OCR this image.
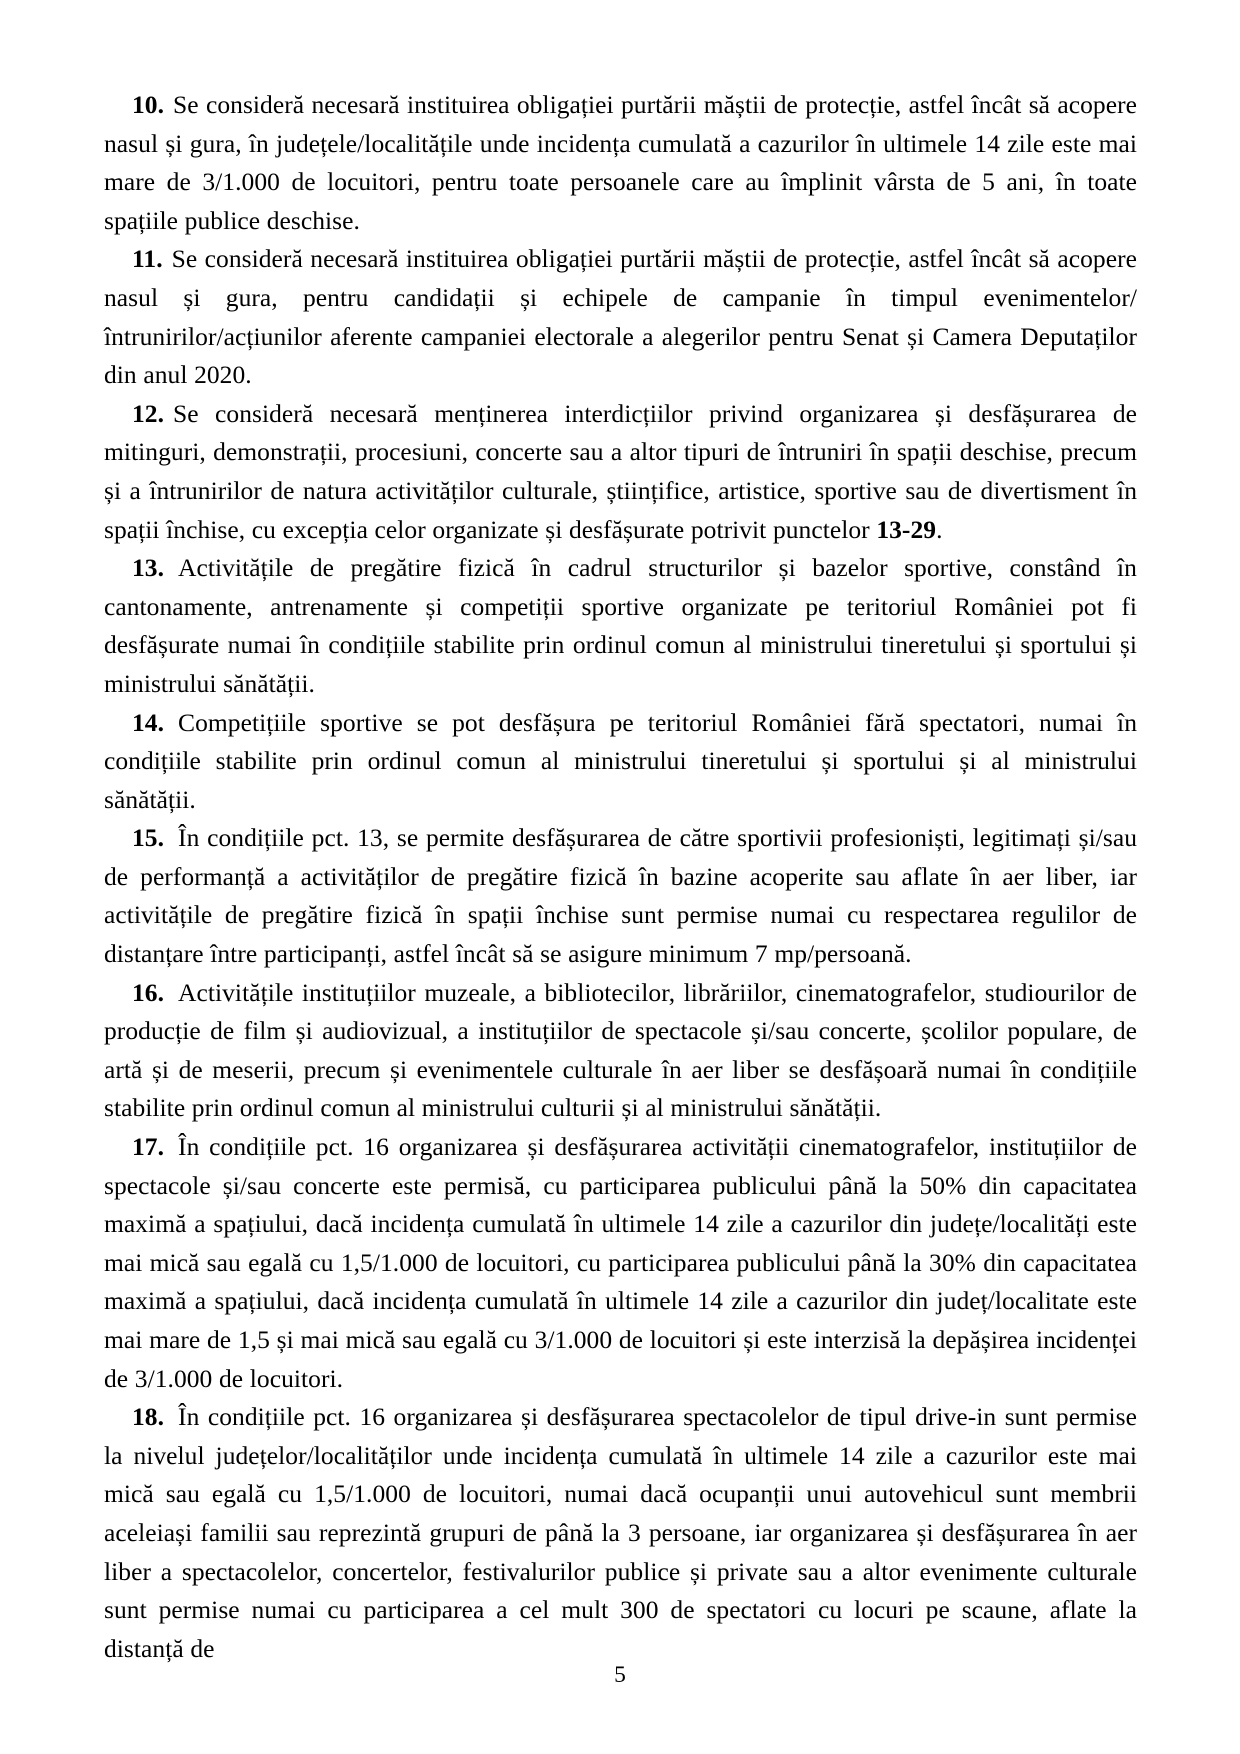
10. Se consideră necesară instituirea obligației purtării măștii de protecție, astfel încât să acopere nasul și gura, în județele/localitățile unde incidența cumulată a cazurilor în ultimele 14 zile este mai mare de 3/1.000 de locuitori, pentru toate persoanele care au împlinit vârsta de 5 ani, în toate spațiile publice deschise.

11. Se consideră necesară instituirea obligației purtării măștii de protecție, astfel încât să acopere nasul și gura, pentru candidații și echipele de campanie în timpul evenimentelor/întrunirilor/acțiunilor aferente campaniei electorale a alegerilor pentru Senat și Camera Deputaților din anul 2020.

12. Se consideră necesară menținerea interdicțiilor privind organizarea și desfășurarea de mitinguri, demonstrații, procesiuni, concerte sau a altor tipuri de întruniri în spații deschise, precum și a întrunirilor de natura activităților culturale, științifice, artistice, sportive sau de divertisment în spații închise, cu excepția celor organizate și desfășurate potrivit punctelor 13-29.

13. Activitățile de pregătire fizică în cadrul structurilor și bazelor sportive, constând în cantonamente, antrenamente și competiții sportive organizate pe teritoriul României pot fi desfășurate numai în condițiile stabilite prin ordinul comun al ministrului tineretului și sportului și ministrului sănătății.

14. Competițiile sportive se pot desfășura pe teritoriul României fără spectatori, numai în condițiile stabilite prin ordinul comun al ministrului tineretului și sportului și al ministrului sănătății.

15. În condițiile pct. 13, se permite desfășurarea de către sportivii profesioniști, legitimați și/sau de performanță a activităților de pregătire fizică în bazine acoperite sau aflate în aer liber, iar activitățile de pregătire fizică în spații închise sunt permise numai cu respectarea regulilor de distanțare între participanți, astfel încât să se asigure minimum 7 mp/persoană.

16. Activitățile instituțiilor muzeale, a bibliotecilor, librăriilor, cinematografelor, studiourilor de producție de film și audiovizual, a instituțiilor de spectacole și/sau concerte, școlilor populare, de artă și de meserii, precum și evenimentele culturale în aer liber se desfășoară numai în condițiile stabilite prin ordinul comun al ministrului culturii și al ministrului sănătății.

17. În condițiile pct. 16 organizarea și desfășurarea activității cinematografelor, instituțiilor de spectacole și/sau concerte este permisă, cu participarea publicului până la 50% din capacitatea maximă a spațiului, dacă incidența cumulată în ultimele 14 zile a cazurilor din județe/localități este mai mică sau egală cu 1,5/1.000 de locuitori, cu participarea publicului până la 30% din capacitatea maximă a spațiului, dacă incidența cumulată în ultimele 14 zile a cazurilor din județ/localitate este mai mare de 1,5 și mai mică sau egală cu 3/1.000 de locuitori și este interzisă la depășirea incidenței de 3/1.000 de locuitori.

18. În condițiile pct. 16 organizarea și desfășurarea spectacolelor de tipul drive-in sunt permise la nivelul județelor/localităților unde incidența cumulată în ultimele 14 zile a cazurilor este mai mică sau egală cu 1,5/1.000 de locuitori, numai dacă ocupanții unui autovehicul sunt membrii aceleiași familii sau reprezintă grupuri de până la 3 persoane, iar organizarea și desfășurarea în aer liber a spectacolelor, concertelor, festivalurilor publice și private sau a altor evenimente culturale sunt permise numai cu participarea a cel mult 300 de spectatori cu locuri pe scaune, aflate la distanță de

5
